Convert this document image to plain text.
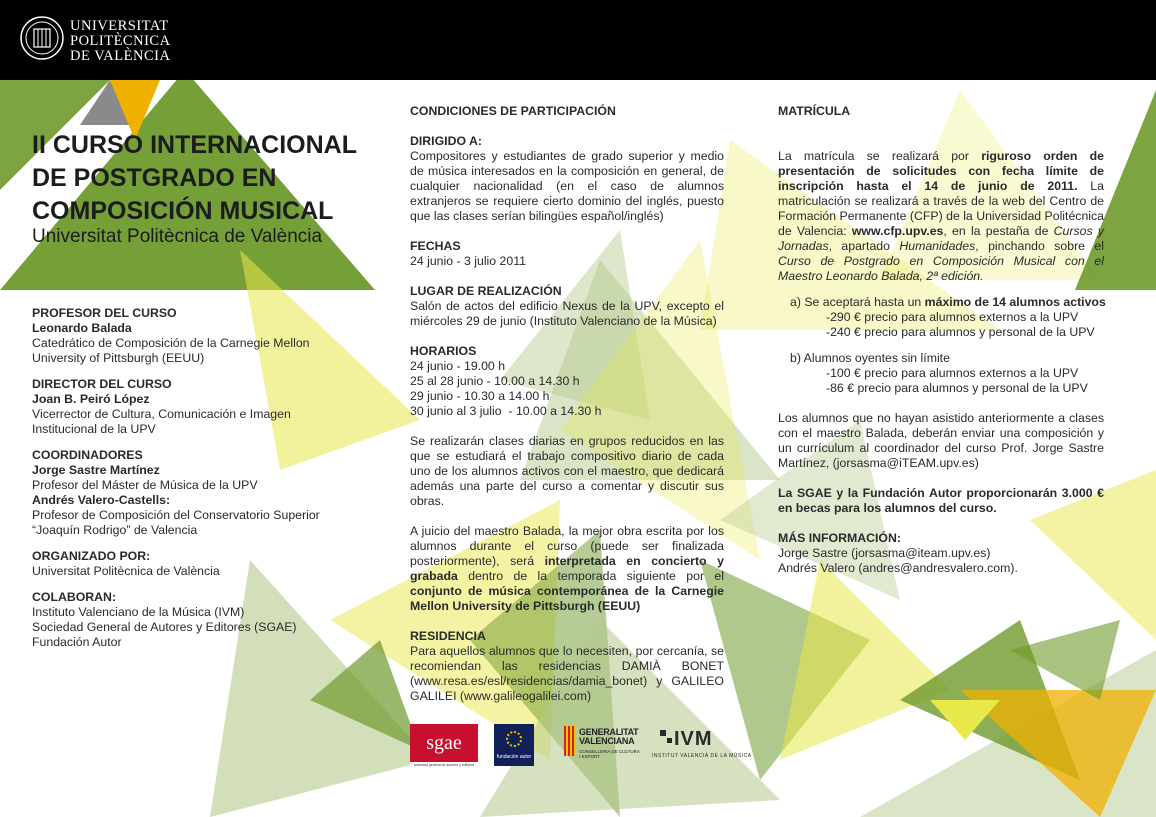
UNIVERSITAT
POLITÈCNICA
DE VALÈNCIA
II CURSO INTERNACIONAL
DE POSTGRADO EN
COMPOSICIÓN MUSICAL
Universitat Politècnica de València
PROFESOR DEL CURSO
Leonardo Balada
Catedrático de Composición de la Carnegie Mellon
University of Pittsburgh (EEUU)
DIRECTOR DEL CURSO
Joan B. Peiró López
Vicerrector de Cultura, Comunicación e Imagen
Institucional de la UPV
COORDINADORES
Jorge Sastre Martínez
Profesor del Máster de Música de la UPV
Andrés Valero-Castells:
Profesor de Composición del Conservatorio Superior
“Joaquín Rodrigo” de Valencia
ORGANIZADO POR:
Universitat Politècnica de València
COLABORAN:
Instituto Valenciano de la Música (IVM)
Sociedad General de Autores y Editores (SGAE)
Fundación Autor
CONDICIONES DE PARTICIPACIÓN
DIRIGIDO A:
Compositores y estudiantes de grado superior y medio de música interesados en la composición en general, de cualquier nacionalidad (en el caso de alumnos extranjeros se requiere cierto dominio del inglés, puesto que las clases serían bilingües español/inglés)
FECHAS
24 junio - 3 julio 2011
LUGAR DE REALIZACIÓN
Salón de actos del edificio Nexus de la UPV, excepto el miércoles 29 de junio (Instituto Valenciano de la Música)
HORARIOS
24 junio - 19.00 h
25 al 28 junio - 10.00 a 14.30 h
29 junio - 10.30 a 14.00 h
30 junio al 3 julio  - 10.00 a 14.30 h
Se realizarán clases diarias en grupos reducidos en las que se estudiará el trabajo compositivo diario de cada uno de los alumnos activos con el maestro, que dedicará además una parte del curso a comentar y discutir sus obras.
A juicio del maestro Balada, la mejor obra escrita por los alumnos durante el curso (puede ser finalizada posteriormente), será interpretada en concierto y grabada dentro de la temporada siguiente por el conjunto de música contemporánea de la Carnegie Mellon University de Pittsburgh (EEUU)
RESIDENCIA
Para aquellos alumnos que lo necesiten, por cercanía, se recomiendan las residencias DAMIÀ BONET (www.resa.es/esl/residencias/damia_bonet) y GALILEO GALILEI (www.galileogalilei.com)
sgae
sociedad general de autores y editores
fundación autor
GENERALITAT
VALENCIANA
CONSELLERIA DE CULTURA
I ESPORT
IVM
INSTITUT VALENCIÀ DE LA MÚSICA
MATRÍCULA
La matrícula se realizará por riguroso orden de presentación de solicitudes con fecha límite de inscripción hasta el 14 de junio de 2011. La matriculación se realizará a través de la web del Centro de Formación Permanente (CFP) de la Universidad Politécnica de Valencia: www.cfp.upv.es, en la pestaña de Cursos y Jornadas, apartado Humanidades, pinchando sobre el Curso de Postgrado en Composición Musical con el Maestro Leonardo Balada, 2ª edición.
a) Se aceptará hasta un máximo de 14 alumnos activos
-290 € precio para alumnos externos a la UPV
-240 € precio para alumnos y personal de la UPV
b) Alumnos oyentes sin límite
-100 € precio para alumnos externos a la UPV
-86 € precio para alumnos y personal de la UPV
Los alumnos que no hayan asistido anteriormente a clases con el maestro Balada, deberán enviar una composición y un currículum al coordinador del curso Prof. Jorge Sastre Martínez, (jorsasma@iTEAM.upv.es)
La SGAE y la Fundación Autor proporcionarán 3.000 € en becas para los alumnos del curso.
MÁS INFORMACIÓN:
Jorge Sastre (jorsasma@iteam.upv.es)
Andrés Valero (andres@andresvalero.com).
